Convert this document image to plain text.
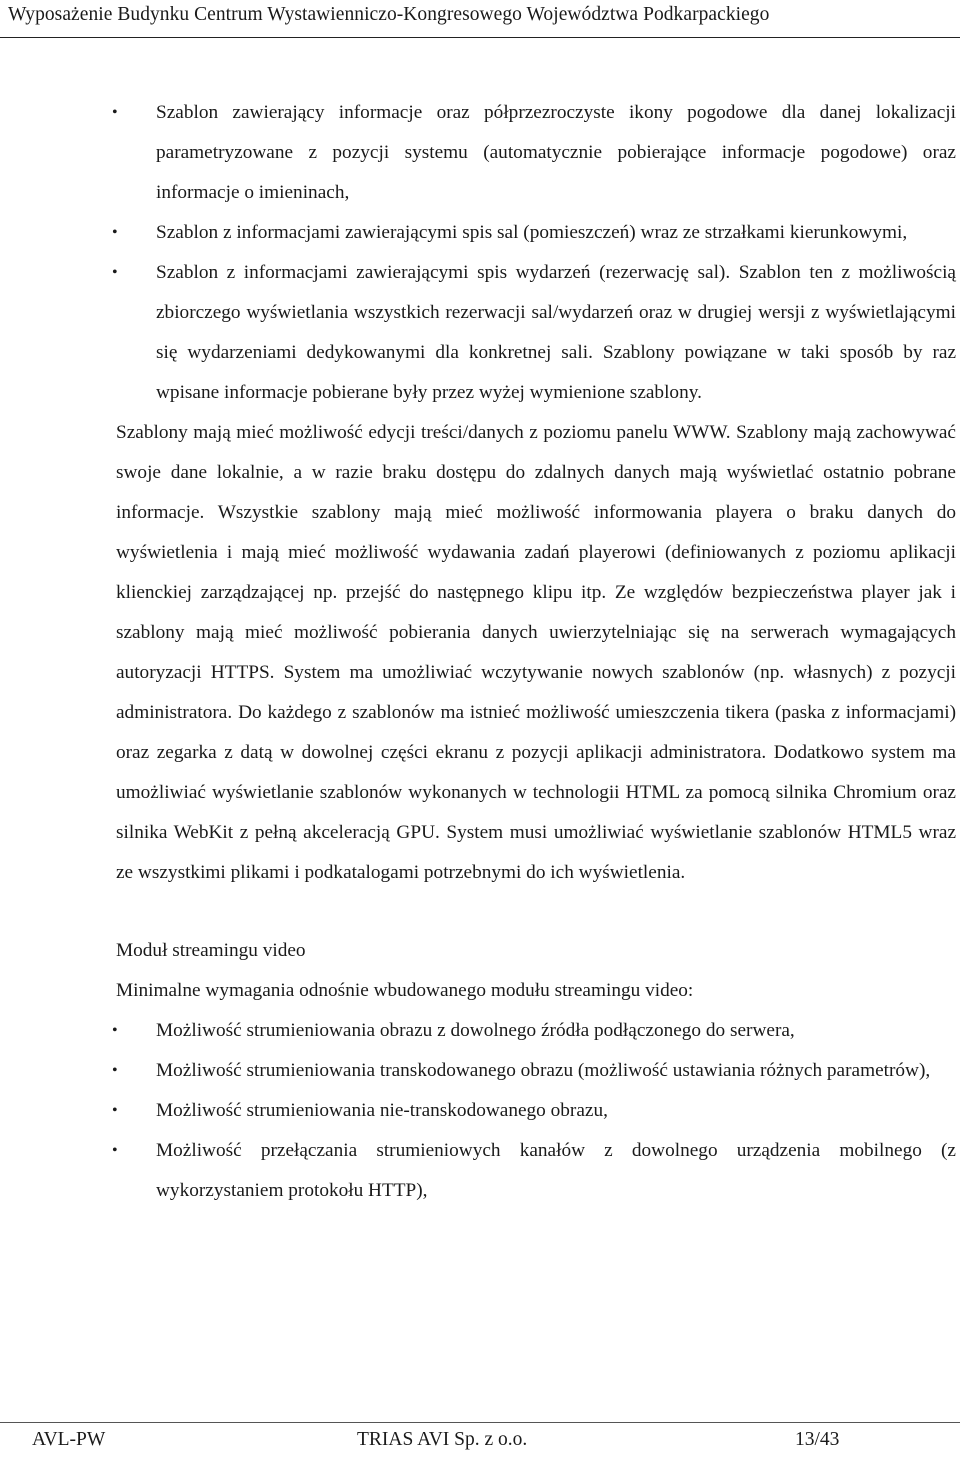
Wyposażenie Budynku Centrum Wystawienniczo-Kongresowego Województwa Podkarpackiego
• Szablon zawierający informacje oraz półprzezroczyste ikony pogodowe dla danej lokalizacji parametryzowane z pozycji systemu (automatycznie pobierające informacje pogodowe) oraz informacje o imieninach,
• Szablon z informacjami zawierającymi spis sal (pomieszczeń) wraz ze strzałkami kierunkowymi,
• Szablon z informacjami zawierającymi spis wydarzeń (rezerwację sal). Szablon ten z możliwością zbiorczego wyświetlania wszystkich rezerwacji sal/wydarzeń oraz w drugiej wersji z wyświetlającymi się wydarzeniami dedykowanymi dla konkretnej sali. Szablony powiązane w taki sposób by raz wpisane informacje pobierane były przez wyżej wymienione szablony.

Szablony mają mieć możliwość edycji treści/danych z poziomu panelu WWW. Szablony mają zachowywać swoje dane lokalnie, a w razie braku dostępu do zdalnych danych mają wyświetlać ostatnio pobrane informacje. Wszystkie szablony mają mieć możliwość informowania playera o braku danych do wyświetlenia i mają mieć możliwość wydawania zadań playerowi (definiowanych z poziomu aplikacji klienckiej zarządzającej np. przejść do następnego klipu itp. Ze względów bezpieczeństwa player jak i szablony mają mieć możliwość pobierania danych uwierzytelniając się na serwerach wymagających autoryzacji HTTPS. System ma umożliwiać wczytywanie nowych szablonów (np. własnych) z pozycji administratora. Do każdego z szablonów ma istnieć możliwość umieszczenia tikera (paska z informacjami) oraz zegarka z datą w dowolnej części ekranu z pozycji aplikacji administratora. Dodatkowo system ma umożliwiać wyświetlanie szablonów wykonanych w technologii HTML za pomocą silnika Chromium oraz silnika WebKit z pełną akceleracją GPU. System musi umożliwiać wyświetlanie szablonów HTML5 wraz ze wszystkimi plikami i podkatalogami potrzebnymi do ich wyświetlenia.

Moduł streamingu video

Minimalne wymagania odnośnie wbudowanego modułu streamingu video:

• Możliwość strumieniowania obrazu z dowolnego źródła podłączonego do serwera,
• Możliwość strumieniowania transkodowanego obrazu (możliwość ustawiania różnych parametrów),
• Możliwość strumieniowania nie-transkodowanego obrazu,
• Możliwość przełączania strumieniowych kanałów z dowolnego urządzenia mobilnego (z wykorzystaniem protokołu HTTP),
AVL-PW	TRIAS AVI Sp. z o.o.	13/43
